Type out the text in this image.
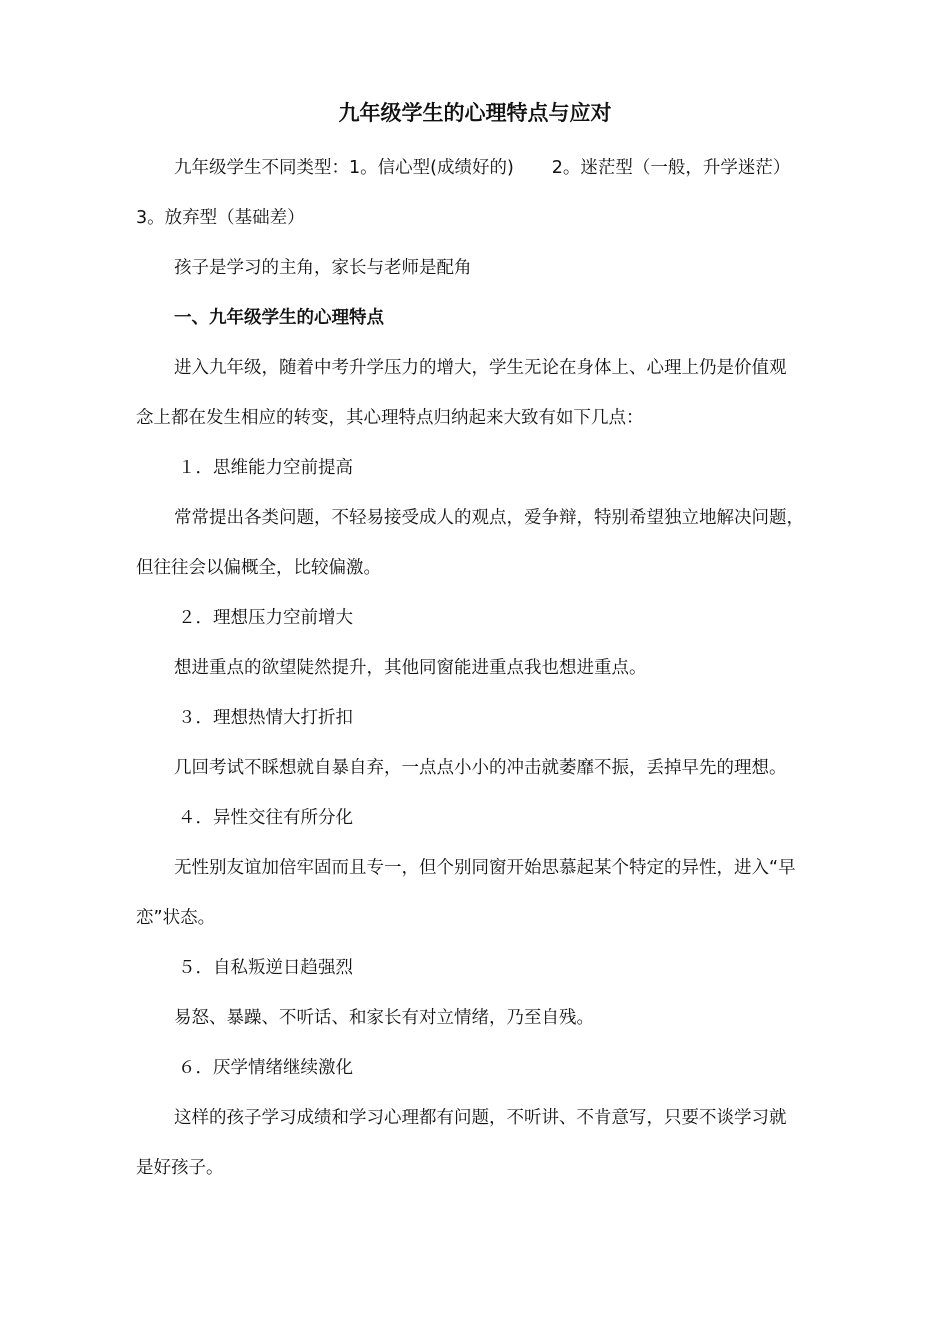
九年级学生的心理特点与应对
九年级学生不同类型：1。信心型(成绩好的) 2。迷茫型（一般，升学迷茫）
3。放弃型（基础差）
孩子是学习的主角，家长与老师是配角
一、九年级学生的心理特点
进入九年级，随着中考升学压力的增大，学生无论在身体上、心理上仍是价值观
念上都在发生相应的转变，其心理特点归纳起来大致有如下几点：
１．思维能力空前提高
常常提出各类问题，不轻易接受成人的观点，爱争辩，特别希望独立地解决问题，
但往往会以偏概全，比较偏激。
２．理想压力空前增大
想进重点的欲望陡然提升，其他同窗能进重点我也想进重点。
３．理想热情大打折扣
几回考试不睬想就自暴自弃，一点点小小的冲击就萎靡不振，丢掉早先的理想。
４．异性交往有所分化
无性别友谊加倍牢固而且专一，但个别同窗开始思慕起某个特定的异性，进入“早
恋”状态。
５．自私叛逆日趋强烈
易怒、暴躁、不听话、和家长有对立情绪，乃至自残。
６．厌学情绪继续激化
这样的孩子学习成绩和学习心理都有问题，不听讲、不肯意写，只要不谈学习就
是好孩子。
